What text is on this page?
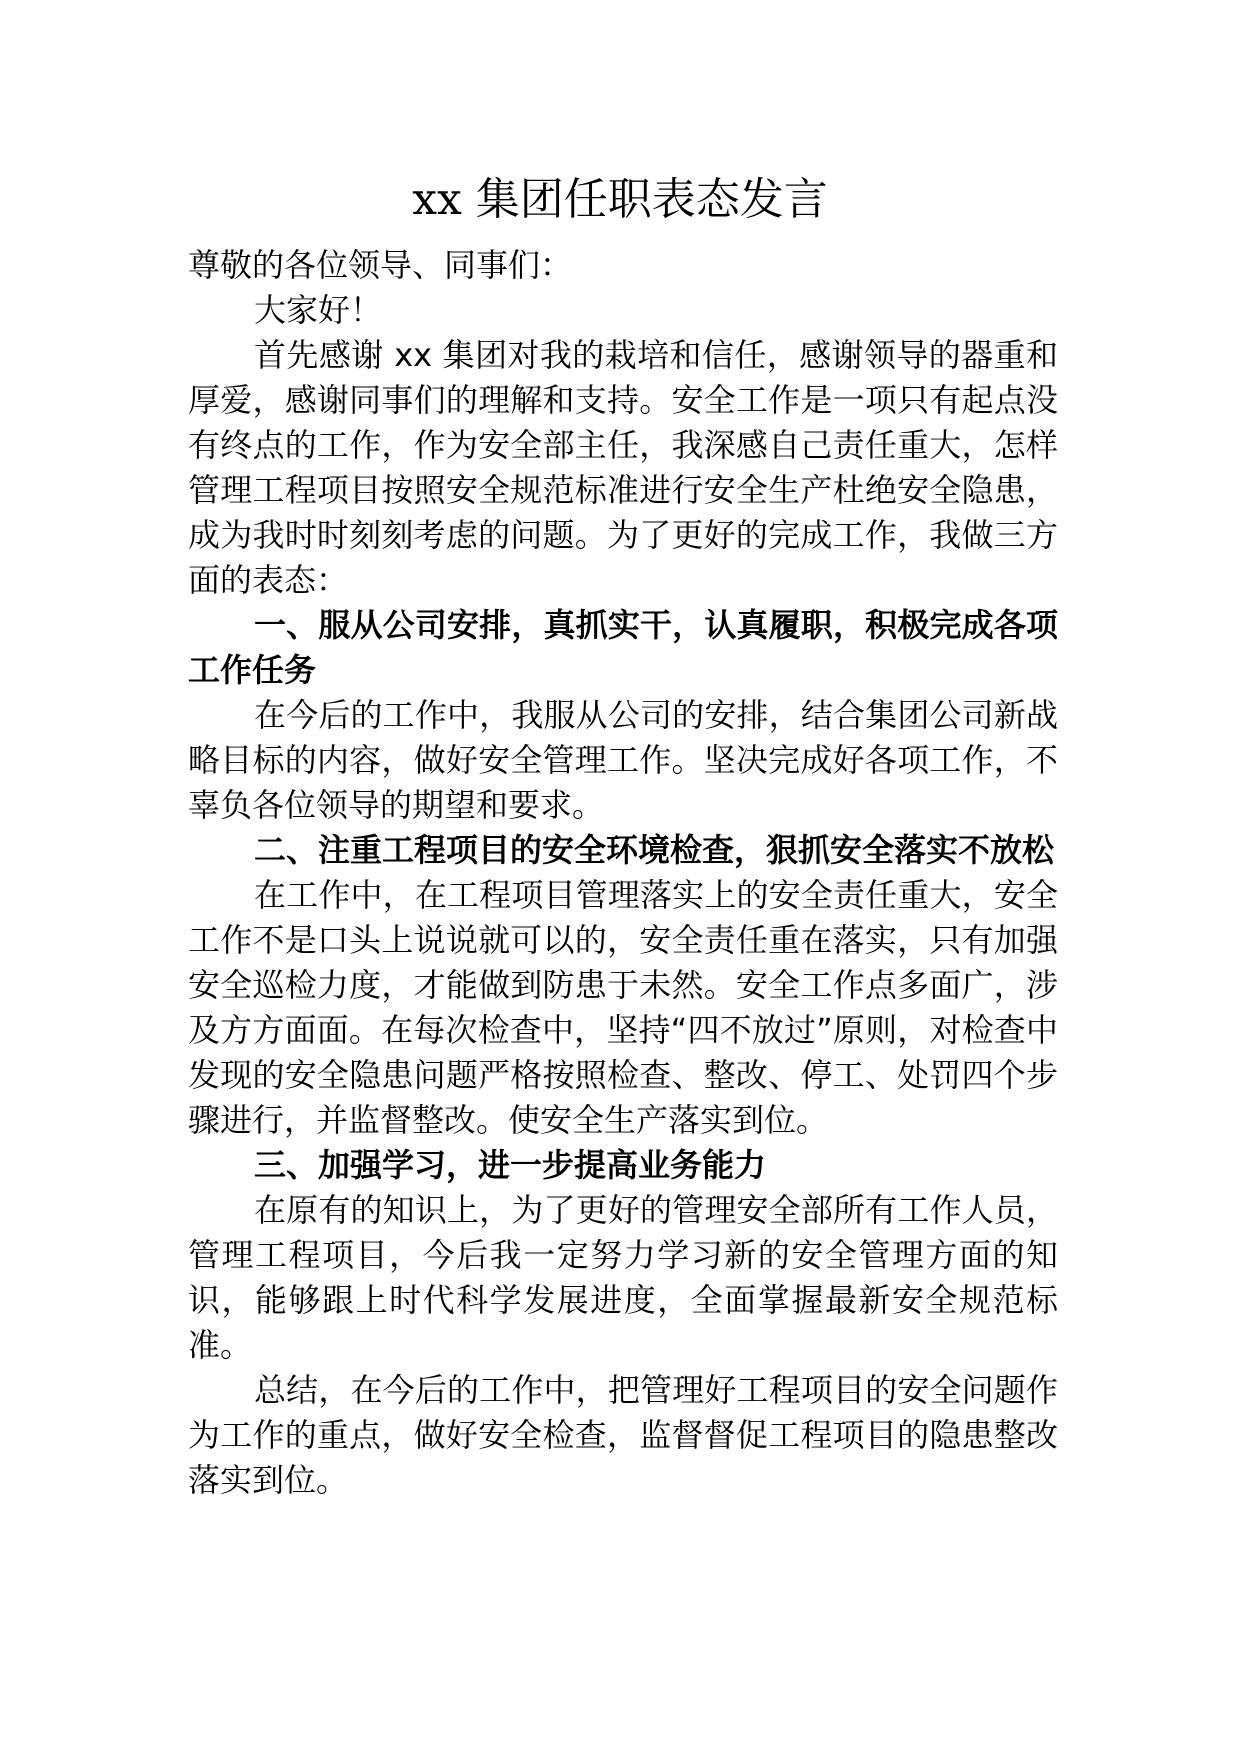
xx 集团任职表态发言

尊敬的各位领导、同事们：

大家好！

首先感谢 xx 集团对我的栽培和信任，感谢领导的器重和厚爱，感谢同事们的理解和支持。安全工作是一项只有起点没有终点的工作，作为安全部主任，我深感自己责任重大，怎样管理工程项目按照安全规范标准进行安全生产杜绝安全隐患，成为我时时刻刻考虑的问题。为了更好的完成工作，我做三方面的表态：

一、服从公司安排，真抓实干，认真履职，积极完成各项工作任务

在今后的工作中，我服从公司的安排，结合集团公司新战略目标的内容，做好安全管理工作。坚决完成好各项工作，不辜负各位领导的期望和要求。

二、注重工程项目的安全环境检查，狠抓安全落实不放松

在工作中，在工程项目管理落实上的安全责任重大，安全工作不是口头上说说就可以的，安全责任重在落实，只有加强安全巡检力度，才能做到防患于未然。安全工作点多面广，涉及方方面面。在每次检查中，坚持“四不放过”原则，对检查中发现的安全隐患问题严格按照检查、整改、停工、处罚四个步骤进行，并监督整改。使安全生产落实到位。

三、加强学习，进一步提高业务能力

在原有的知识上，为了更好的管理安全部所有工作人员，管理工程项目，今后我一定努力学习新的安全管理方面的知识，能够跟上时代科学发展进度，全面掌握最新安全规范标准。

总结，在今后的工作中，把管理好工程项目的安全问题作为工作的重点，做好安全检查，监督督促工程项目的隐患整改落实到位。
